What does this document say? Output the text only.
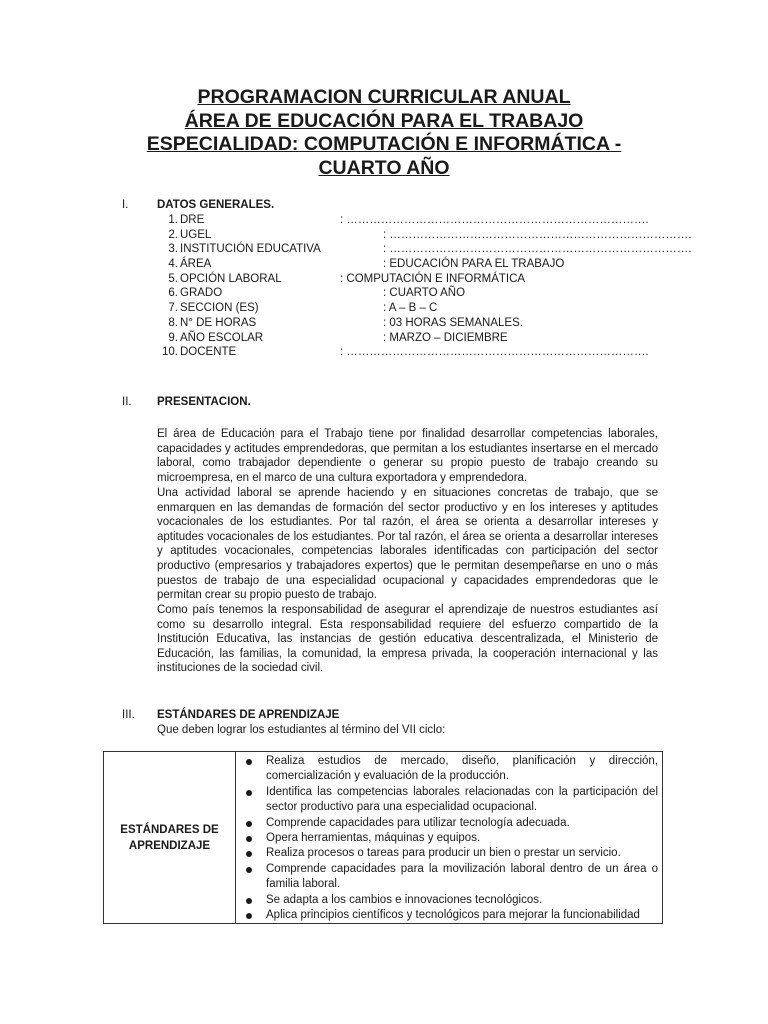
PROGRAMACION CURRICULAR ANUAL
ÁREA DE EDUCACIÓN PARA EL TRABAJO
ESPECIALIDAD: COMPUTACIÓN E INFORMÁTICA -
CUARTO AÑO
I. DATOS GENERALES.
1. DRE	: …………………………………………………………………….
2. UGEL	: …………………………………………………………………….
3. INSTITUCIÓN EDUCATIVA	: …………………………………………………………………….
4. ÁREA	: EDUCACIÓN PARA EL TRABAJO
5. OPCIÓN LABORAL	: COMPUTACIÓN E INFORMÁTICA
6. GRADO	: CUARTO AÑO
7. SECCION (ES)	: A – B – C
8. N° DE HORAS	: 03 HORAS SEMANALES.
9. AÑO ESCOLAR	: MARZO – DICIEMBRE
10. DOCENTE	: …………………………………………………………………….
II. PRESENTACION.

El área de Educación para el Trabajo tiene por finalidad desarrollar competencias laborales, capacidades y actitudes emprendedoras, que permitan a los estudiantes insertarse en el mercado laboral, como trabajador dependiente o generar su propio puesto de trabajo creando su microempresa, en el marco de una cultura exportadora y emprendedora.

Una actividad laboral se aprende haciendo y en situaciones concretas de trabajo, que se enmarquen en las demandas de formación del sector productivo y en los intereses y aptitudes vocacionales de los estudiantes. Por tal razón, el área se orienta a desarrollar intereses y aptitudes vocacionales de los estudiantes. Por tal razón, el área se orienta a desarrollar intereses y aptitudes vocacionales, competencias laborales identificadas con participación del sector productivo (empresarios y trabajadores expertos) que le permitan desempeñarse en uno o más puestos de trabajo de una especialidad ocupacional y capacidades emprendedoras que le permitan crear su propio puesto de trabajo.

Como país tenemos la responsabilidad de asegurar el aprendizaje de nuestros estudiantes así como su desarrollo integral. Esta responsabilidad requiere del esfuerzo compartido de la Institución Educativa, las instancias de gestión educativa descentralizada, el Ministerio de Educación, las familias, la comunidad, la empresa privada, la cooperación internacional y las instituciones de la sociedad civil.

III. ESTÁNDARES DE APRENDIZAJE
Que deben lograr los estudiantes al término del VII ciclo:
ESTÁNDARES DE
APRENDIZAJE

Realiza estudios de mercado, diseño, planificación y dirección, comercialización y evaluación de la producción.
Identifica las competencias laborales relacionadas con la participación del sector productivo para una especialidad ocupacional.
Comprende capacidades para utilizar tecnología adecuada.
Opera herramientas, máquinas y equipos.
Realiza procesos o tareas para producir un bien o prestar un servicio.
Comprende capacidades para la movilización laboral dentro de un área o familia laboral.
Se adapta a los cambios e innovaciones tecnológicos.
Aplica principios científicos y tecnológicos para mejorar la funcionabilidad
